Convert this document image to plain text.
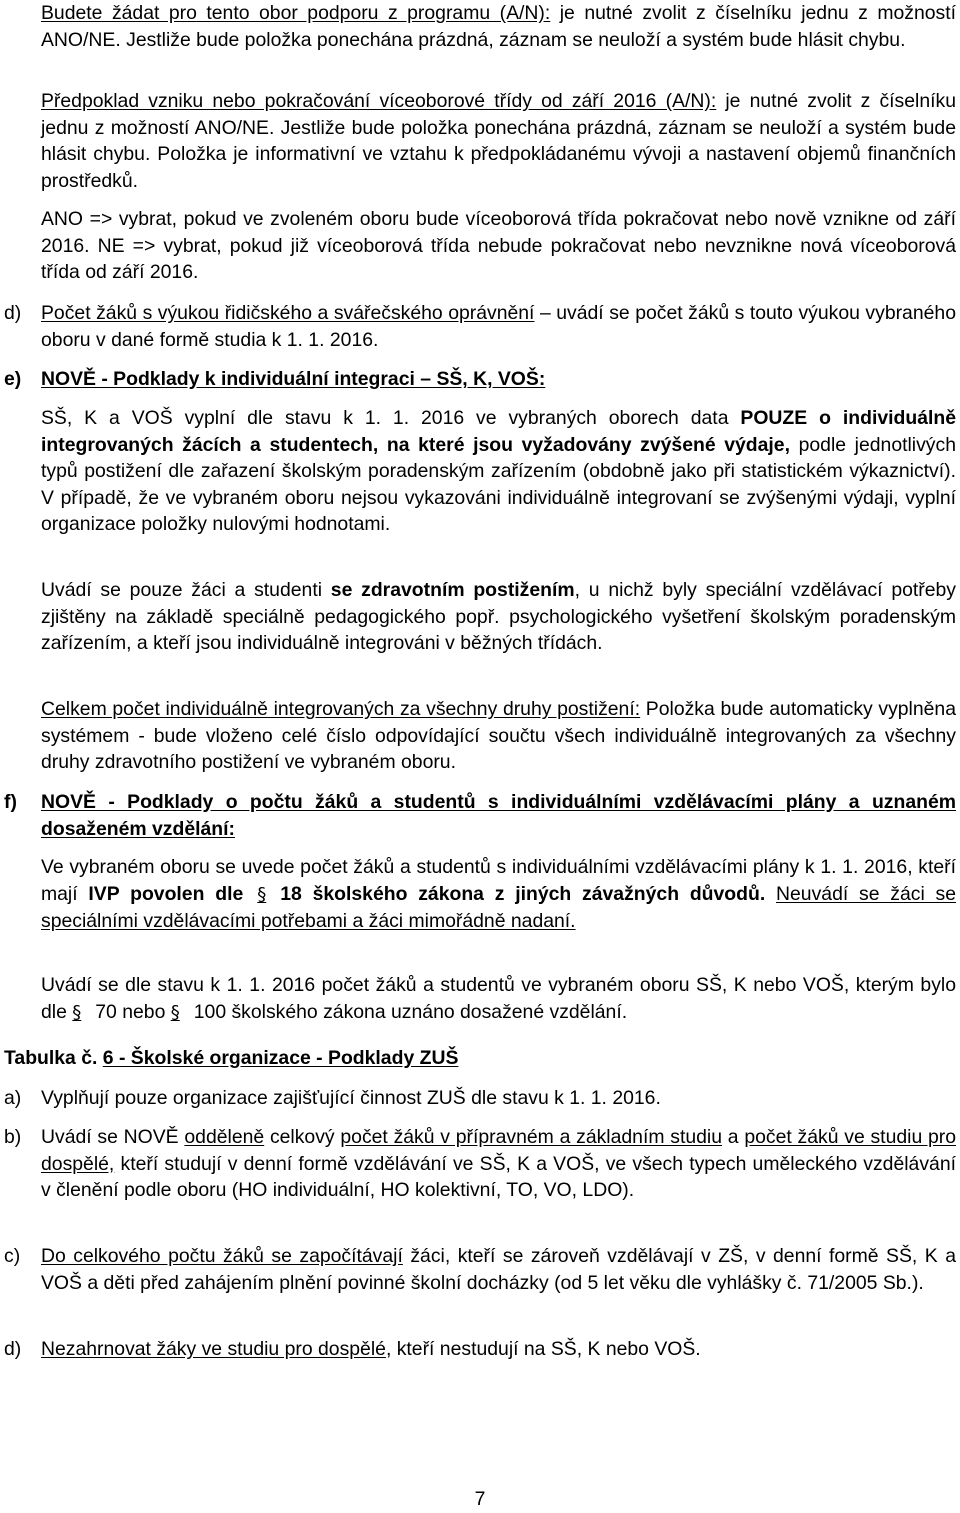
Budete žádat pro tento obor podporu z programu (A/N): je nutné zvolit z číselníku jednu z možností ANO/NE. Jestliže bude položka ponechána prázdná, záznam se neuloží a systém bude hlásit chybu.

Předpoklad vzniku nebo pokračování víceoborové třídy od září 2016 (A/N): je nutné zvolit z číselníku jednu z možností ANO/NE. Jestliže bude položka ponechána prázdná, záznam se neuloží a systém bude hlásit chybu. Položka je informativní ve vztahu k předpokládanému vývoji a nastavení objemů finančních prostředků.

ANO => vybrat, pokud ve zvoleném oboru bude víceoborová třída pokračovat nebo nově vznikne od září 2016. NE => vybrat, pokud již víceoborová třída nebude pokračovat nebo nevznikne nová víceoborová třída od září 2016.

d) Počet žáků s výukou řidičského a svářečského oprávnění – uvádí se počet žáků s touto výukou vybraného oboru v dané formě studia k 1. 1. 2016.

e) NOVĚ - Podklady k individuální integraci – SŠ, K, VOŠ:

SŠ, K a VOŠ vyplní dle stavu k 1. 1. 2016 ve vybraných oborech data POUZE o individuálně integrovaných žácích a studentech, na které jsou vyžadovány zvýšené výdaje, podle jednotlivých typů postižení dle zařazení školským poradenským zařízením (obdobně jako při statistickém výkaznictví). V případě, že ve vybraném oboru nejsou vykazováni individuálně integrovaní se zvýšenými výdaji, vyplní organizace položky nulovými hodnotami.

Uvádí se pouze žáci a studenti se zdravotním postižením, u nichž byly speciální vzdělávací potřeby zjištěny na základě speciálně pedagogického popř. psychologického vyšetření školským poradenským zařízením, a kteří jsou individuálně integrováni v běžných třídách.

Celkem počet individuálně integrovaných za všechny druhy postižení: Položka bude automaticky vyplněna systémem - bude vloženo celé číslo odpovídající součtu všech individuálně integrovaných za všechny druhy zdravotního postižení ve vybraném oboru.

f) NOVĚ - Podklady o počtu žáků a studentů s individuálními vzdělávacími plány a uznaném dosaženém vzdělání:

Ve vybraném oboru se uvede počet žáků a studentů s individuálními vzdělávacími plány k 1. 1. 2016, kteří mají IVP povolen dle § 18 školského zákona z jiných závažných důvodů. Neuvádí se žáci se speciálními vzdělávacími potřebami a žáci mimořádně nadaní.

Uvádí se dle stavu k 1. 1. 2016 počet žáků a studentů ve vybraném oboru SŠ, K nebo VOŠ, kterým bylo dle § 70 nebo § 100 školského zákona uznáno dosažené vzdělání.

Tabulka č. 6 - Školské organizace - Podklady ZUŠ

a) Vyplňují pouze organizace zajišťující činnost ZUŠ dle stavu k 1. 1. 2016.

b) Uvádí se NOVĚ odděleně celkový počet žáků v přípravném a základním studiu a počet žáků ve studiu pro dospělé, kteří studují v denní formě vzdělávání ve SŠ, K a VOŠ, ve všech typech uměleckého vzdělávání v členění podle oboru (HO individuální, HO kolektivní, TO, VO, LDO).

c) Do celkového počtu žáků se započítávají žáci, kteří se zároveň vzdělávají v ZŠ, v denní formě SŠ, K a VOŠ a děti před zahájením plnění povinné školní docházky (od 5 let věku dle vyhlášky č. 71/2005 Sb.).

d) Nezahrnovat žáky ve studiu pro dospělé, kteří nestudují na SŠ, K nebo VOŠ.

7
